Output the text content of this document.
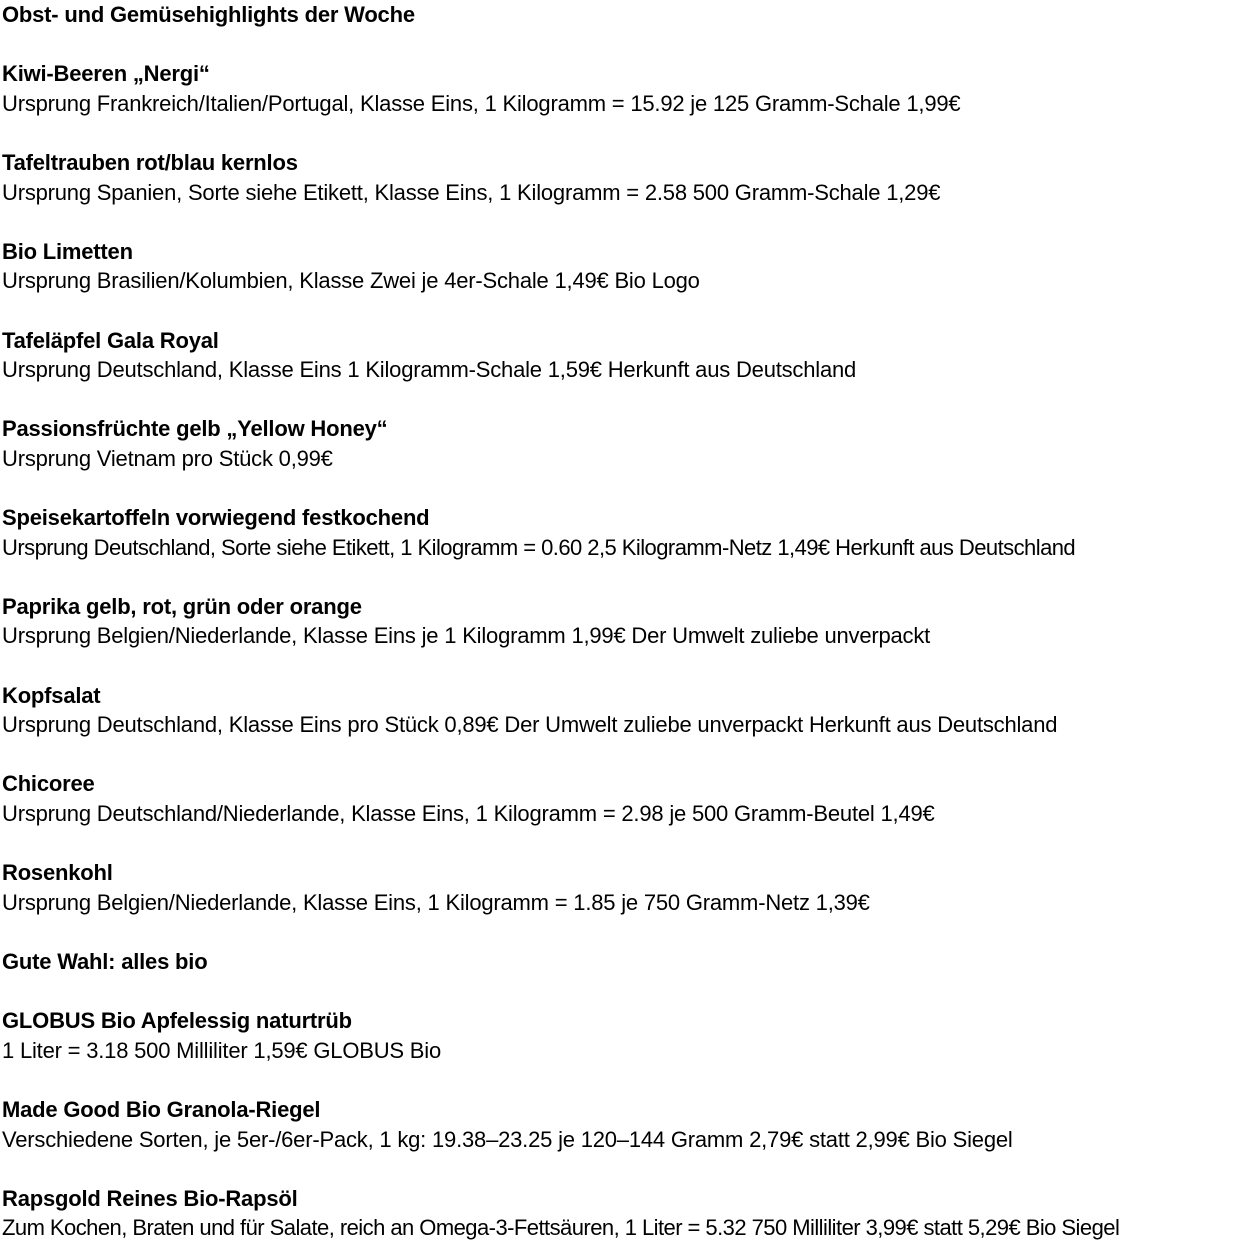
Obst- und Gemüsehighlights der Woche
Kiwi-Beeren „Nergi“
Ursprung Frankreich/Italien/Portugal, Klasse Eins, 1 Kilogramm = 15.92 je 125 Gramm-Schale 1,99€
Tafeltrauben rot/blau kernlos
Ursprung Spanien, Sorte siehe Etikett, Klasse Eins, 1 Kilogramm = 2.58 500 Gramm-Schale 1,29€
Bio Limetten
Ursprung Brasilien/Kolumbien, Klasse Zwei je 4er-Schale 1,49€ Bio Logo
Tafeläpfel Gala Royal
Ursprung Deutschland, Klasse Eins 1 Kilogramm-Schale 1,59€ Herkunft aus Deutschland
Passionsfrüchte gelb „Yellow Honey“
Ursprung Vietnam pro Stück 0,99€
Speisekartoffeln vorwiegend festkochend
Ursprung Deutschland, Sorte siehe Etikett, 1 Kilogramm = 0.60 2,5 Kilogramm-Netz 1,49€ Herkunft aus Deutschland
Paprika gelb, rot, grün oder orange
Ursprung Belgien/Niederlande, Klasse Eins je 1 Kilogramm 1,99€ Der Umwelt zuliebe unverpackt
Kopfsalat
Ursprung Deutschland, Klasse Eins pro Stück 0,89€ Der Umwelt zuliebe unverpackt Herkunft aus Deutschland
Chicoree
Ursprung Deutschland/Niederlande, Klasse Eins, 1 Kilogramm = 2.98 je 500 Gramm-Beutel 1,49€
Rosenkohl
Ursprung Belgien/Niederlande, Klasse Eins, 1 Kilogramm = 1.85 je 750 Gramm-Netz 1,39€
Gute Wahl: alles bio
GLOBUS Bio Apfelessig naturtrüb
1 Liter = 3.18 500 Milliliter 1,59€ GLOBUS Bio
Made Good Bio Granola-Riegel
Verschiedene Sorten, je 5er-/6er-Pack, 1 kg: 19.38–23.25 je 120–144 Gramm 2,79€ statt 2,99€ Bio Siegel
Rapsgold Reines Bio-Rapsöl
Zum Kochen, Braten und für Salate, reich an Omega-3-Fettsäuren, 1 Liter = 5.32 750 Milliliter 3,99€ statt 5,29€ Bio Siegel
